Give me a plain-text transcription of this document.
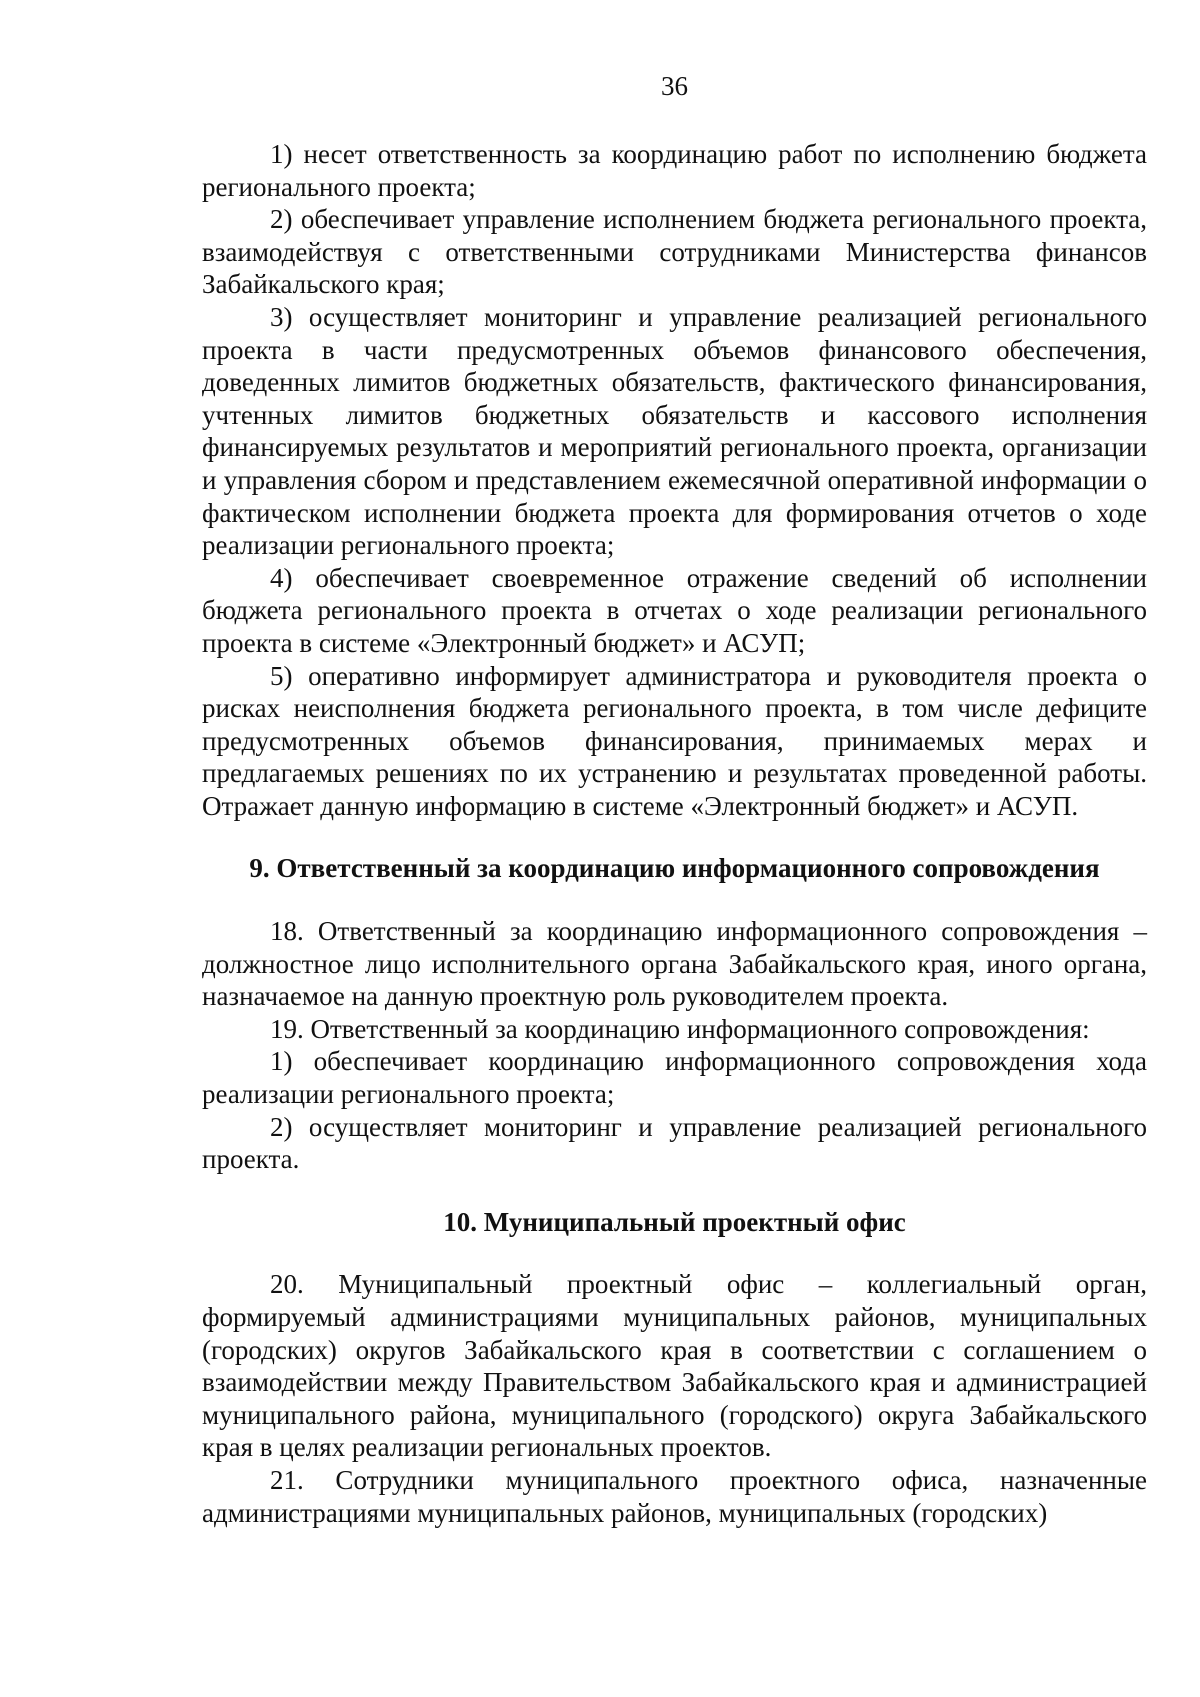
36

1) несет ответственность за координацию работ по исполнению бюджета регионального проекта;

2) обеспечивает управление исполнением бюджета регионального проекта, взаимодействуя с ответственными сотрудниками Министерства финансов Забайкальского края;

3) осуществляет мониторинг и управление реализацией регионального проекта в части предусмотренных объемов финансового обеспечения, доведенных лимитов бюджетных обязательств, фактического финансирования, учтенных лимитов бюджетных обязательств и кассового исполнения финансируемых результатов и мероприятий регионального проекта, организации и управления сбором и представлением ежемесячной оперативной информации о фактическом исполнении бюджета проекта для формирования отчетов о ходе реализации регионального проекта;

4) обеспечивает своевременное отражение сведений об исполнении бюджета регионального проекта в отчетах о ходе реализации регионального проекта в системе «Электронный бюджет» и АСУП;

5) оперативно информирует администратора и руководителя проекта о рисках неисполнения бюджета регионального проекта, в том числе дефиците предусмотренных объемов финансирования, принимаемых мерах и предлагаемых решениях по их устранению и результатах проведенной работы. Отражает данную информацию в системе «Электронный бюджет» и АСУП.

9. Ответственный за координацию информационного сопровождения

18. Ответственный за координацию информационного сопровождения – должностное лицо исполнительного органа Забайкальского края, иного органа, назначаемое на данную проектную роль руководителем проекта.

19. Ответственный за координацию информационного сопровождения:

1) обеспечивает координацию информационного сопровождения хода реализации регионального проекта;

2) осуществляет мониторинг и управление реализацией регионального проекта.

10. Муниципальный проектный офис

20. Муниципальный проектный офис – коллегиальный орган, формируемый администрациями муниципальных районов, муниципальных (городских) округов Забайкальского края в соответствии с соглашением о взаимодействии между Правительством Забайкальского края и администрацией муниципального района, муниципального (городского) округа Забайкальского края в целях реализации региональных проектов.

21. Сотрудники муниципального проектного офиса, назначенные администрациями муниципальных районов, муниципальных (городских)
